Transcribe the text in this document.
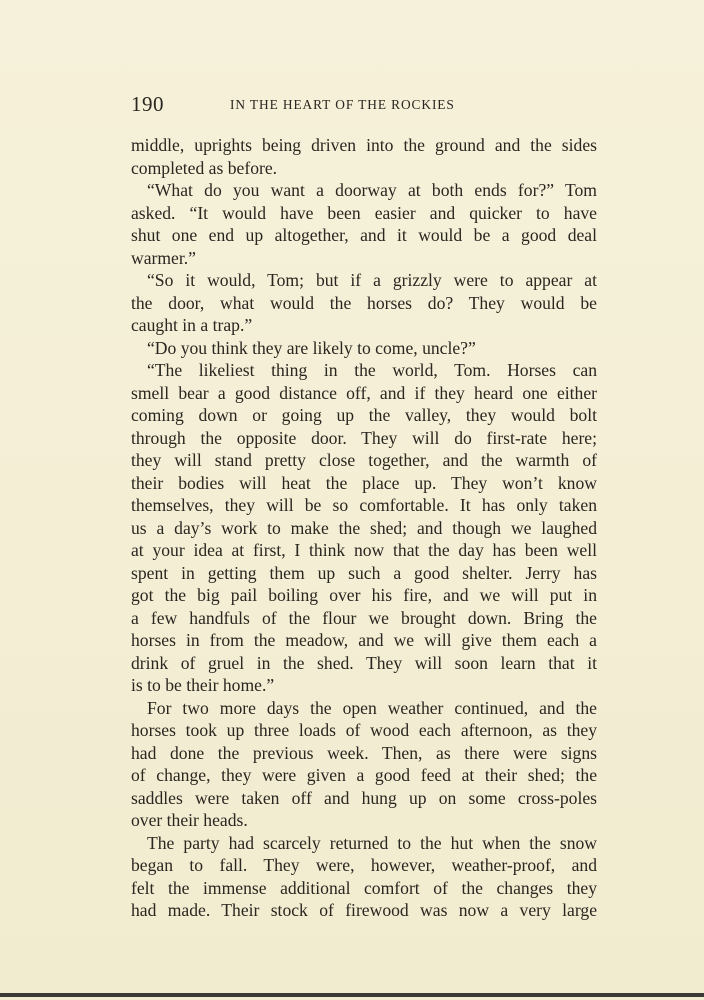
190	IN THE HEART OF THE ROCKIES
middle, uprights being driven into the ground and the sides
completed as before.
“What do you want a doorway at both ends for?” Tom
asked. “It would have been easier and quicker to have
shut one end up altogether, and it would be a good deal
warmer.”
“So it would, Tom; but if a grizzly were to appear at
the door, what would the horses do? They would be
caught in a trap.”
“Do you think they are likely to come, uncle?”
“The likeliest thing in the world, Tom. Horses can
smell bear a good distance off, and if they heard one either
coming down or going up the valley, they would bolt
through the opposite door. They will do first-rate here;
they will stand pretty close together, and the warmth of
their bodies will heat the place up. They won’t know
themselves, they will be so comfortable. It has only taken
us a day’s work to make the shed; and though we laughed
at your idea at first, I think now that the day has been well
spent in getting them up such a good shelter. Jerry has
got the big pail boiling over his fire, and we will put in
a few handfuls of the flour we brought down. Bring the
horses in from the meadow, and we will give them each a
drink of gruel in the shed. They will soon learn that it
is to be their home.”
For two more days the open weather continued, and the
horses took up three loads of wood each afternoon, as they
had done the previous week. Then, as there were signs
of change, they were given a good feed at their shed; the
saddles were taken off and hung up on some cross-poles
over their heads.
The party had scarcely returned to the hut when the snow
began to fall. They were, however, weather-proof, and
felt the immense additional comfort of the changes they
had made. Their stock of firewood was now a very large
